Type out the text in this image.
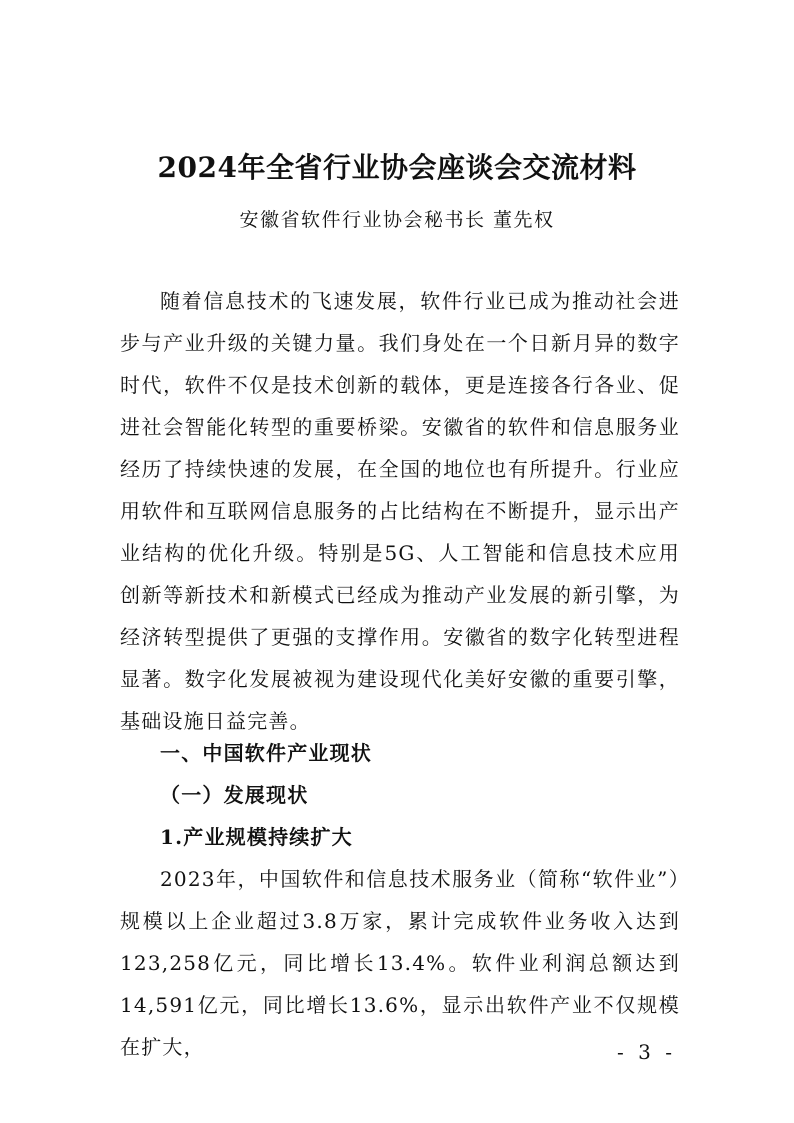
2024年全省行业协会座谈会交流材料
安徽省软件行业协会秘书长 董先权
随着信息技术的飞速发展，软件行业已成为推动社会进步与产业升级的关键力量。我们身处在一个日新月异的数字时代，软件不仅是技术创新的载体，更是连接各行各业、促进社会智能化转型的重要桥梁。安徽省的软件和信息服务业经历了持续快速的发展，在全国的地位也有所提升。行业应用软件和互联网信息服务的占比结构在不断提升，显示出产业结构的优化升级。特别是5G、人工智能和信息技术应用创新等新技术和新模式已经成为推动产业发展的新引擎，为经济转型提供了更强的支撑作用。安徽省的数字化转型进程显著。数字化发展被视为建设现代化美好安徽的重要引擎，基础设施日益完善。
一、中国软件产业现状
（一）发展现状
1.产业规模持续扩大
2023年，中国软件和信息技术服务业（简称“软件业”）规模以上企业超过3.8万家，累计完成软件业务收入达到123,258亿元，同比增长13.4%。软件业利润总额达到14,591亿元，同比增长13.6%，显示出软件产业不仅规模在扩大，	- 3 -
